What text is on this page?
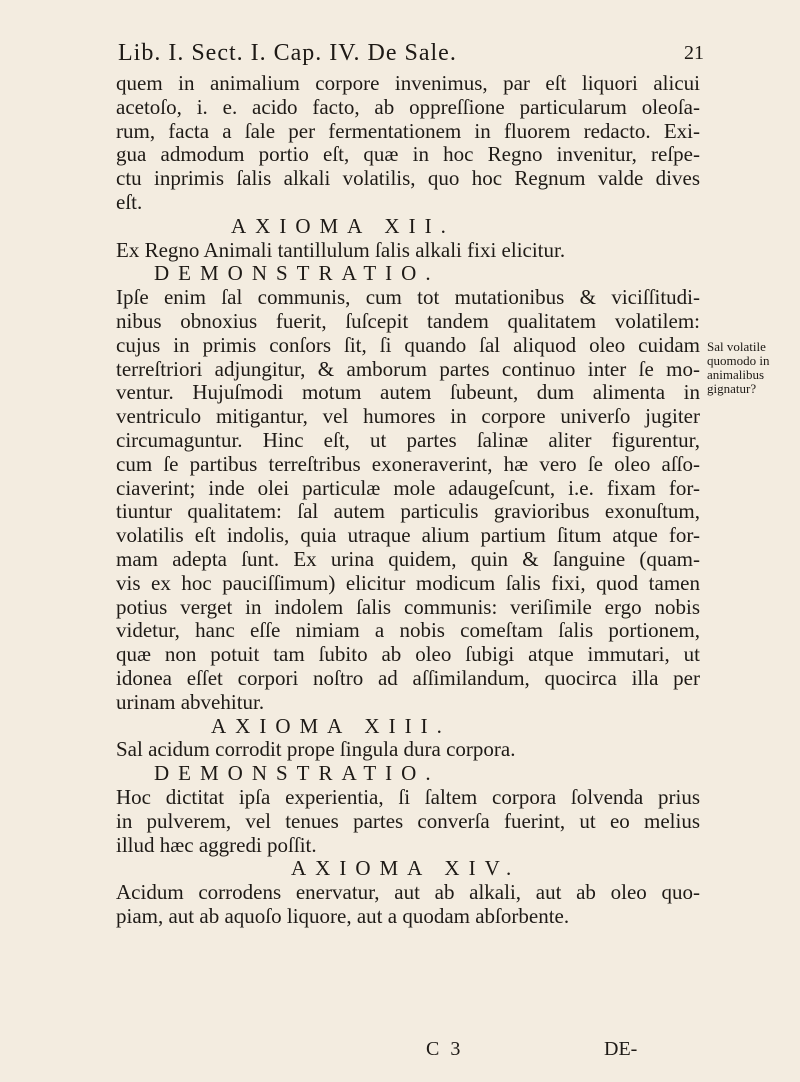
Lib. I. Sect. I. Cap. IV. De Sale.	21
quem in animalium corpore invenimus, par eſt liquori alicui
acetoſo, i. e. acido facto, ab oppreſſione particularum oleoſa-
rum, facta a ſale per fermentationem in fluorem redacto. Exi-
gua admodum portio eſt, quæ in hoc Regno invenitur, reſpe-
ctu inprimis ſalis alkali volatilis, quo hoc Regnum valde dives
eſt.
AXIOMA XII.
Ex Regno Animali tantillulum ſalis alkali fixi elicitur.
DEMONSTRATIO.
Ipſe enim ſal communis, cum tot mutationibus & viciſſitudi-
nibus obnoxius fuerit, ſuſcepit tandem qualitatem volatilem:
cujus in primis conſors ſit, ſi quando ſal aliquod oleo cuidam
terreſtriori adjungitur, & amborum partes continuo inter ſe mo-
ventur. Hujuſmodi motum autem ſubeunt, dum alimenta in
ventriculo mitigantur, vel humores in corpore univerſo jugiter
circumaguntur. Hinc eſt, ut partes ſalinæ aliter figurentur,
cum ſe partibus terreſtribus exoneraverint, hæ vero ſe oleo aſſo-
ciaverint; inde olei particulæ mole adaugeſcunt, i.e. fixam for-
tiuntur qualitatem: ſal autem particulis gravioribus exonuſtum,
volatilis eſt indolis, quia utraque alium partium ſitum atque for-
mam adepta ſunt. Ex urina quidem, quin & ſanguine (quam-
vis ex hoc pauciſſimum) elicitur modicum ſalis fixi, quod tamen
potius verget in indolem ſalis communis: veriſimile ergo nobis
videtur, hanc eſſe nimiam a nobis comeſtam ſalis portionem,
quæ non potuit tam ſubito ab oleo ſubigi atque immutari, ut
idonea eſſet corpori noſtro ad aſſimilandum, quocirca illa per
urinam abvehitur.
AXIOMA XIII.
Sal acidum corrodit prope ſingula dura corpora.
DEMONSTRATIO.
Hoc dictitat ipſa experientia, ſi ſaltem corpora ſolvenda prius
in pulverem, vel tenues partes converſa fuerint, ut eo melius
illud hæc aggredi poſſit.
AXIOMA XIV.
Acidum corrodens enervatur, aut ab alkali, aut ab oleo quo-
piam, aut ab aquoſo liquore, aut a quodam abſorbente.
Sal volatile
quomodo in
animalibus
gignatur?
C 3	DE-
